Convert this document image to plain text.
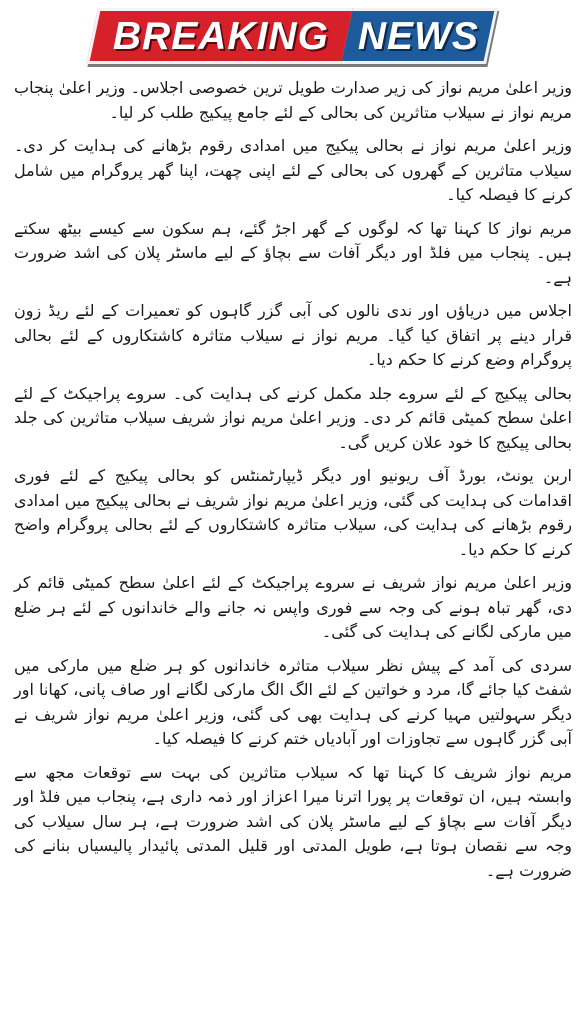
BREAKING NEWS

وزیر اعلیٰ مریم نواز کی زیر صدارت طویل ترین خصوصی اجلاس۔ وزیر اعلیٰ پنجاب مریم نواز نے سیلاب متاثرین کی بحالی کے لئے جامع پیکیج طلب کر لیا۔

وزیر اعلیٰ مریم نواز نے بحالی پیکیج میں امدادی رقوم بڑھانے کی ہدایت کر دی۔ سیلاب متاثرین کے گھروں کی بحالی کے لئے اپنی چھت، اپنا گھر پروگرام میں شامل کرنے کا فیصلہ کیا۔

مریم نواز کا کہنا تھا کہ لوگوں کے گھر اجڑ گئے، ہم سکون سے کیسے بیٹھ سکتے ہیں۔ پنجاب میں فلڈ اور دیگر آفات سے بچاؤ کے لیے ماسٹر پلان کی اشد ضرورت ہے۔

اجلاس میں دریاؤں اور ندی نالوں کی آبی گزر گاہوں کو تعمیرات کے لئے ریڈ زون قرار دینے پر اتفاق کیا گیا۔ مریم نواز نے سیلاب متاثرہ کاشتکاروں کے لئے بحالی پروگرام وضع کرنے کا حکم دیا۔

بحالی پیکیج کے لئے سروے جلد مکمل کرنے کی ہدایت کی۔ سروے پراجیکٹ کے لئے اعلیٰ سطح کمیٹی قائم کر دی۔ وزیر اعلیٰ مریم نواز شریف سیلاب متاثرین کی جلد بحالی پیکیج کا خود علان کریں گی۔

اربن یونٹ، بورڈ آف ریونیو اور دیگر ڈیپارٹمنٹس کو بحالی پیکیج کے لئے فوری اقدامات کی ہدایت کی گئی، وزیر اعلیٰ مریم نواز شریف نے بحالی پیکیج میں امدادی رقوم بڑھانے کی ہدایت کی، سیلاب متاثرہ کاشتکاروں کے لئے بحالی پروگرام واضح کرنے کا حکم دیا۔

وزیر اعلیٰ مریم نواز شریف نے سروے پراجیکٹ کے لئے اعلیٰ سطح کمیٹی قائم کر دی، گھر تباہ ہونے کی وجہ سے فوری واپس نہ جانے والے خاندانوں کے لئے ہر ضلع میں مارکی لگانے کی ہدایت کی گئی۔

سردی کی آمد کے پیش نظر سیلاب متاثرہ خاندانوں کو ہر ضلع میں مارکی میں شفٹ کیا جائے گا، مرد و خواتین کے لئے الگ الگ مارکی لگانے اور صاف پانی، کھانا اور دیگر سہولتیں مہیا کرنے کی ہدایت بھی کی گئی، وزیر اعلیٰ مریم نواز شریف نے آبی گزر گاہوں سے تجاوزات اور آبادیاں ختم کرنے کا فیصلہ کیا۔

مریم نواز شریف کا کہنا تھا کہ سیلاب متاثرین کی بہت سے توقعات مجھ سے وابستہ ہیں، ان توقعات پر پورا اترنا میرا اعزاز اور ذمہ داری ہے، پنجاب میں فلڈ اور دیگر آفات سے بچاؤ کے لیے ماسٹر پلان کی اشد ضرورت ہے، ہر سال سیلاب کی وجہ سے نقصان ہوتا ہے، طویل المدتی اور قلیل المدتی پائیدار پالیسیاں بنانے کی ضرورت ہے۔
